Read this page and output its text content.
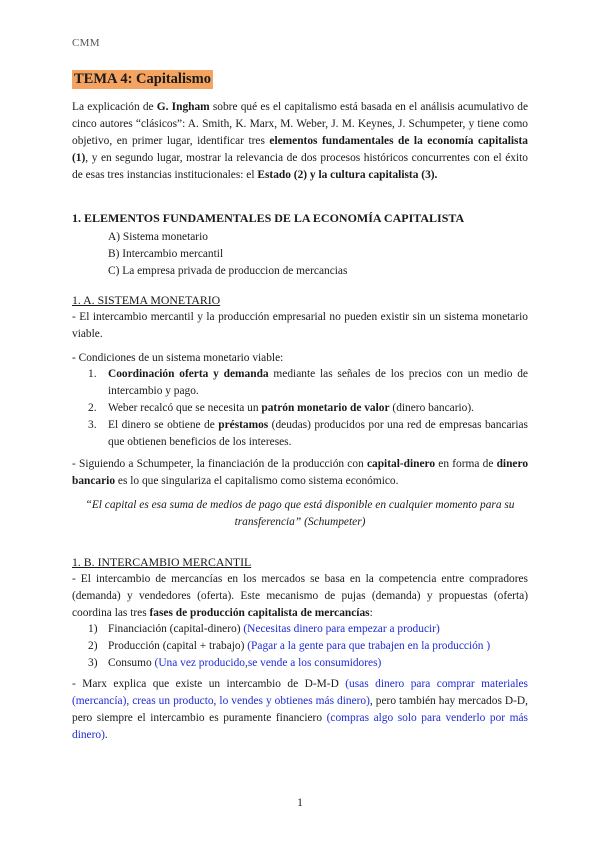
CMM
TEMA 4: Capitalismo

La explicación de G. Ingham sobre qué es el capitalismo está basada en el análisis acumulativo de cinco autores “clásicos”: A. Smith, K. Marx, M. Weber, J. M. Keynes, J. Schumpeter, y tiene como objetivo, en primer lugar, identificar tres elementos fundamentales de la economía capitalista (1), y en segundo lugar, mostrar la relevancia de dos procesos históricos concurrentes con el éxito de esas tres instancias institucionales: el Estado (2) y la cultura capitalista (3).

1. ELEMENTOS FUNDAMENTALES DE LA ECONOMÍA CAPITALISTA
A) Sistema monetario
B) Intercambio mercantil
C) La empresa privada de produccion de mercancias
1. A. SISTEMA MONETARIO

- El intercambio mercantil y la producción empresarial no pueden existir sin un sistema monetario viable.

- Condiciones de un sistema monetario viable:

1. Coordinación oferta y demanda mediante las señales de los precios con un medio de intercambio y pago.
2. Weber recalcó que se necesita un patrón monetario de valor (dinero bancario).
3. El dinero se obtiene de préstamos (deudas) producidos por una red de empresas bancarias que obtienen beneficios de los intereses.

- Siguiendo a Schumpeter, la financiación de la producción con capital-dinero en forma de dinero bancario es lo que singulariza el capitalismo como sistema económico.

“El capital es esa suma de medios de pago que está disponible en cualquier momento para su transferencia” (Schumpeter)
1. B. INTERCAMBIO MERCANTIL

- El intercambio de mercancías en los mercados se basa en la competencia entre compradores (demanda) y vendedores (oferta). Este mecanismo de pujas (demanda) y propuestas (oferta) coordina las tres fases de producción capitalista de mercancías:

1) Financiación (capital-dinero) (Necesitas dinero para empezar a producir)
2) Producción (capital + trabajo) (Pagar a la gente para que trabajen en la producción )
3) Consumo (Una vez producido,se vende a los consumidores)

- Marx explica que existe un intercambio de D-M-D (usas dinero para comprar materiales (mercancía), creas un producto, lo vendes y obtienes más dinero), pero también hay mercados D-D, pero siempre el intercambio es puramente financiero (compras algo solo para venderlo por más dinero).

1
